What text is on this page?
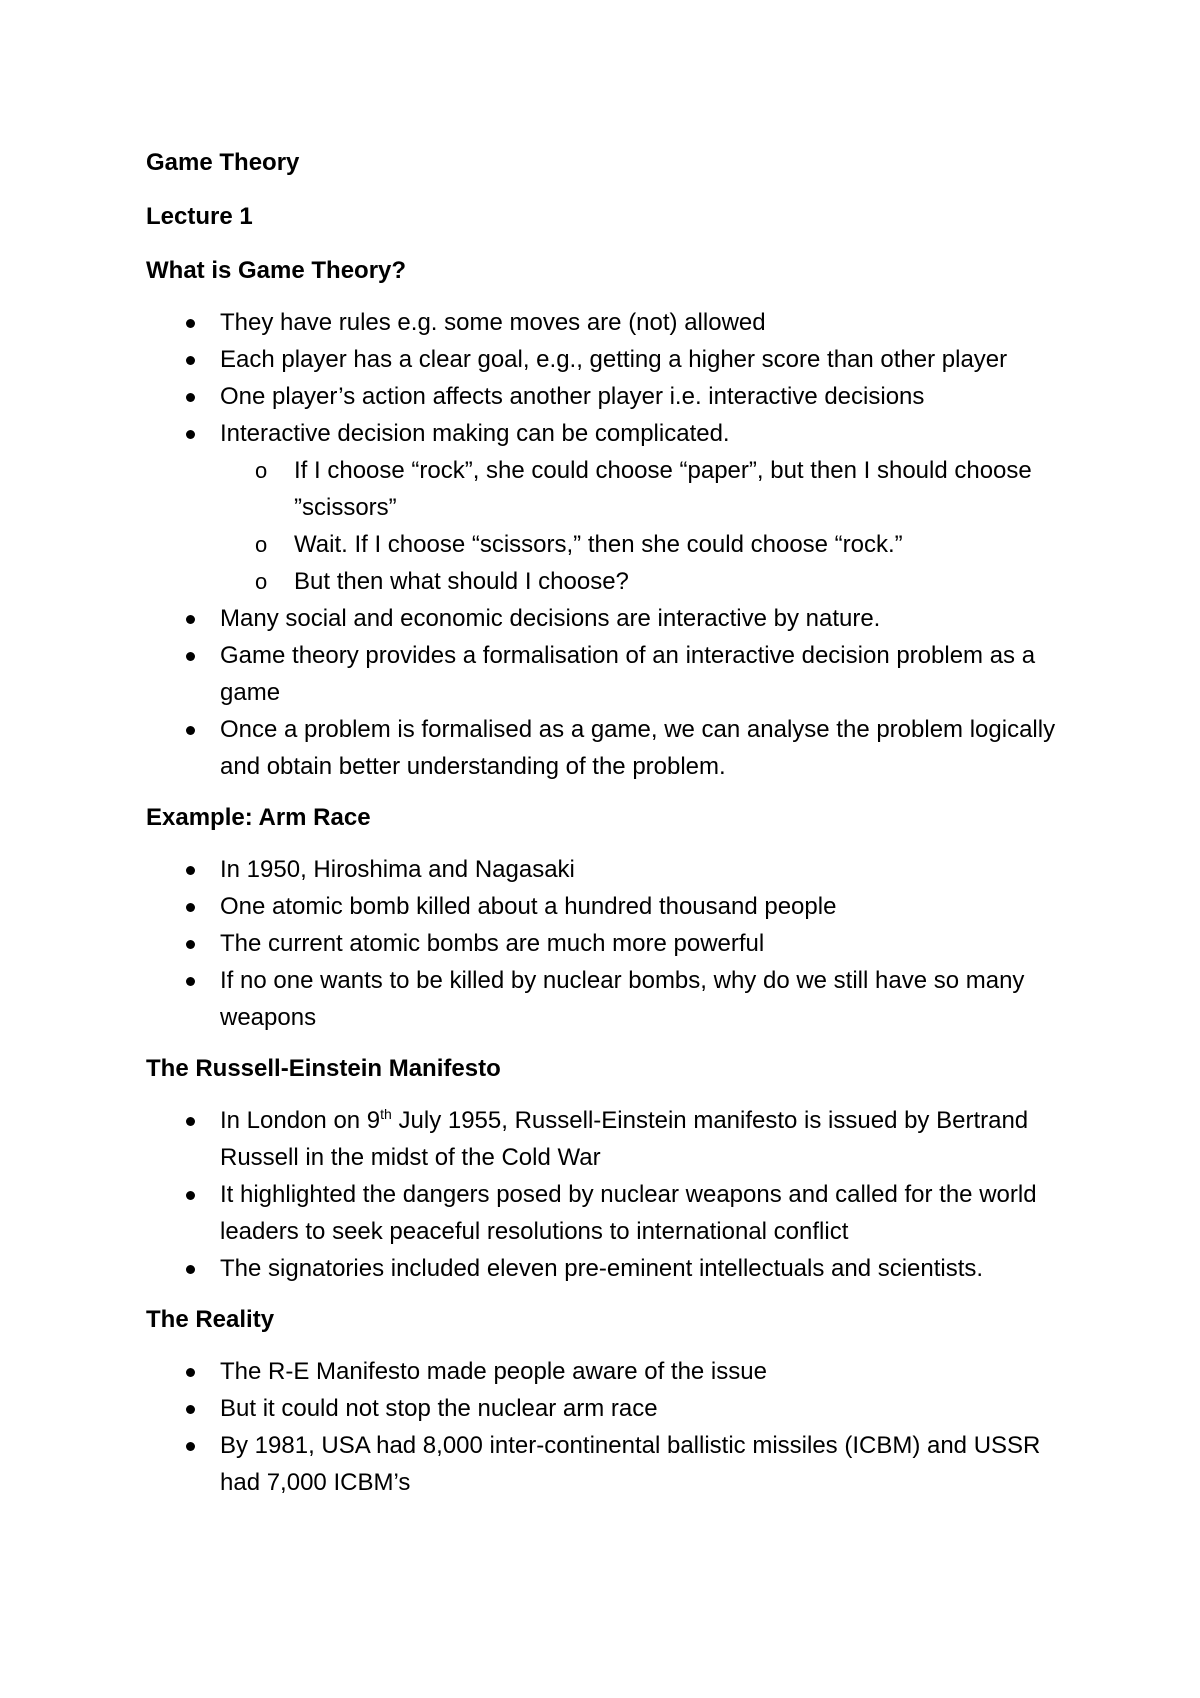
Game Theory

Lecture 1

What is Game Theory?

They have rules e.g. some moves are (not) allowed
Each player has a clear goal, e.g., getting a higher score than other player
One player’s action affects another player i.e. interactive decisions
Interactive decision making can be complicated.
o If I choose “rock”, she could choose “paper”, but then I should choose ”scissors”
o Wait. If I choose “scissors,” then she could choose “rock.”
o But then what should I choose?
Many social and economic decisions are interactive by nature.
Game theory provides a formalisation of an interactive decision problem as a game
Once a problem is formalised as a game, we can analyse the problem logically and obtain better understanding of the problem.

Example: Arm Race

In 1950, Hiroshima and Nagasaki
One atomic bomb killed about a hundred thousand people
The current atomic bombs are much more powerful
If no one wants to be killed by nuclear bombs, why do we still have so many weapons

The Russell-Einstein Manifesto

In London on 9th July 1955, Russell-Einstein manifesto is issued by Bertrand Russell in the midst of the Cold War
It highlighted the dangers posed by nuclear weapons and called for the world leaders to seek peaceful resolutions to international conflict
The signatories included eleven pre-eminent intellectuals and scientists.

The Reality

The R-E Manifesto made people aware of the issue
But it could not stop the nuclear arm race
By 1981, USA had 8,000 inter-continental ballistic missiles (ICBM) and USSR had 7,000 ICBM’s
